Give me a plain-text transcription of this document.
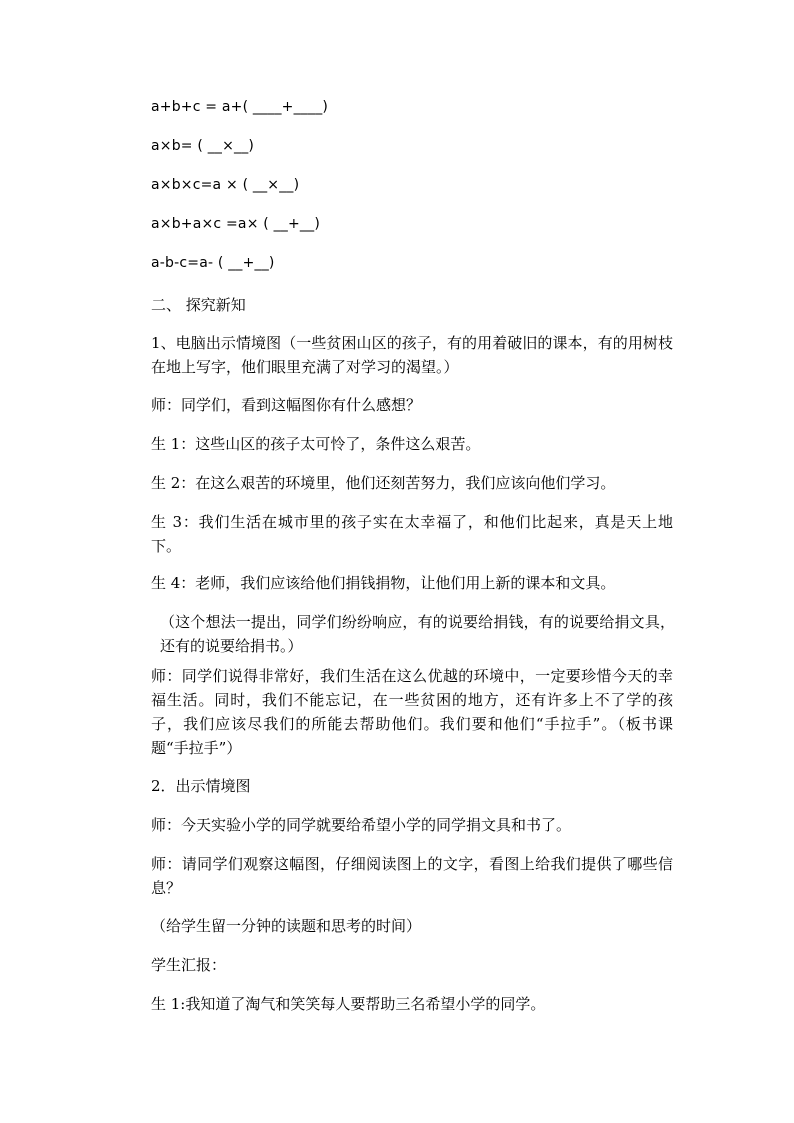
a+b+c = a+( ____+____)
a×b= ( __×__)
a×b×c=a × ( __×__)
a×b+a×c =a× ( __+__)
a-b-c=a- ( __+__)
二、 探究新知
1、电脑出示情境图（一些贫困山区的孩子，有的用着破旧的课本，有的用树枝在地上写字，他们眼里充满了对学习的渴望。）
师：同学们，看到这幅图你有什么感想？
生 1：这些山区的孩子太可怜了，条件这么艰苦。
生 2：在这么艰苦的环境里，他们还刻苦努力，我们应该向他们学习。
生 3：我们生活在城市里的孩子实在太幸福了，和他们比起来，真是天上地下。
生 4：老师，我们应该给他们捐钱捐物，让他们用上新的课本和文具。
（这个想法一提出，同学们纷纷响应，有的说要给捐钱，有的说要给捐文具，还有的说要给捐书。）
师：同学们说得非常好，我们生活在这么优越的环境中，一定要珍惜今天的幸福生活。同时，我们不能忘记，在一些贫困的地方，还有许多上不了学的孩子，我们应该尽我们的所能去帮助他们。我们要和他们“手拉手”。（板书课题“手拉手”）
2．出示情境图
师：今天实验小学的同学就要给希望小学的同学捐文具和书了。
师：请同学们观察这幅图，仔细阅读图上的文字，看图上给我们提供了哪些信息？
（给学生留一分钟的读题和思考的时间）
学生汇报：
生 1:我知道了淘气和笑笑每人要帮助三名希望小学的同学。
